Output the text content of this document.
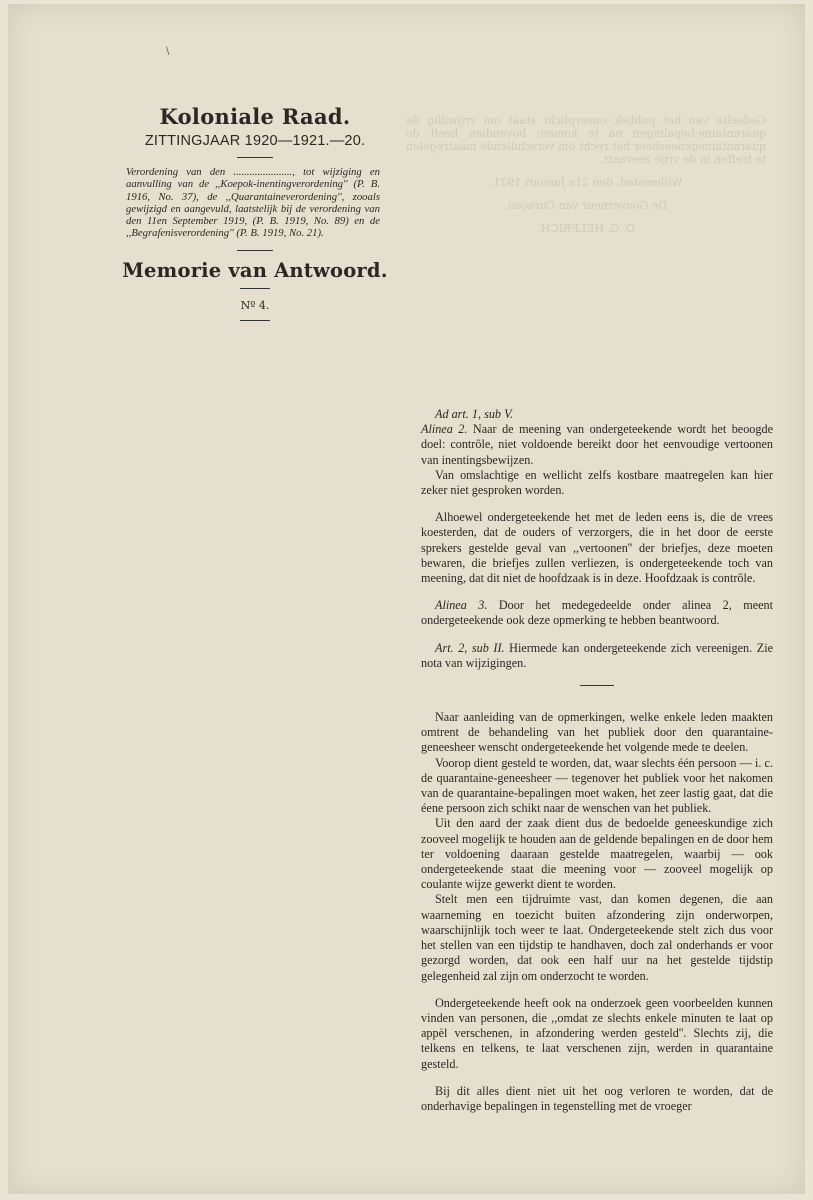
\
Gedeelte van het publiek onverplicht staat om vrijwillig de quarantaine-bepalingen na te komen; bovendien heeft de quarantainegeneesheer het recht om verschillende maatregelen te treffen in de vrije zeevaart.
Willemstad, den 21e Januari 1921.
De Gouverneur van Curaçao,
O. G. HELFRICH.
Koloniale Raad.
ZITTINGJAAR 1920—1921.—20.
Verordening van den ......................, tot wijziging en aanvulling van de ,,Koepok-inentingverordening'' (P. B. 1916, No. 37), de ,,Quarantaineverordening'', zooals gewijzigd en aangevuld, laatstelijk bij de verordening van den 11en September 1919, (P. B. 1919, No. 89) en de ,,Begrafenisverordening'' (P. B. 1919, No. 21).
Memorie van Antwoord.
Nº 4.

Ad art. 1, sub V.
Alinea 2. Naar de meening van ondergeteekende wordt het beoogde doel: contrôle, niet voldoende bereikt door het eenvoudige vertoonen van inentingsbewijzen.

Van omslachtige en wellicht zelfs kostbare maatregelen kan hier zeker niet gesproken worden.

Alhoewel ondergeteekende het met de leden eens is, die de vrees koesterden, dat de ouders of verzorgers, die in het door de eerste sprekers gestelde geval van ,,vertoonen'' der briefjes, deze moeten bewaren, die briefjes zullen verliezen, is ondergeteekende toch van meening, dat dit niet de hoofdzaak is in deze. Hoofdzaak is contrôle.

Alinea 3. Door het medegedeelde onder alinea 2, meent ondergeteekende ook deze opmerking te hebben beantwoord.

Art. 2, sub II. Hiermede kan ondergeteekende zich vereenigen. Zie nota van wijzigingen.

Naar aanleiding van de opmerkingen, welke enkele leden maakten omtrent de behandeling van het publiek door den quarantaine-geneesheer wenscht ondergeteekende het volgende mede te deelen.

Voorop dient gesteld te worden, dat, waar slechts één persoon — i. c. de quarantaine-geneesheer — tegenover het publiek voor het nakomen van de quarantaine-bepalingen moet waken, het zeer lastig gaat, dat die éene persoon zich schikt naar de wenschen van het publiek.

Uit den aard der zaak dient dus de bedoelde geneeskundige zich zooveel mogelijk te houden aan de geldende bepalingen en de door hem ter voldoening daaraan gestelde maatregelen, waarbij — ook ondergeteekende staat die meening voor — zooveel mogelijk op coulante wijze gewerkt dient te worden.

Stelt men een tijdruimte vast, dan komen degenen, die aan waarneming en toezicht buiten afzondering zijn onderworpen, waarschijnlijk toch weer te laat. Ondergeteekende stelt zich dus voor het stellen van een tijdstip te handhaven, doch zal onderhands er voor gezorgd worden, dat ook een half uur na het gestelde tijdstip gelegenheid zal zijn om onderzocht te worden.

Ondergeteekende heeft ook na onderzoek geen voorbeelden kunnen vinden van personen, die ,,omdat ze slechts enkele minuten te laat op appèl verschenen, in afzondering werden gesteld''. Slechts zij, die telkens en telkens, te laat verschenen zijn, werden in quarantaine gesteld.

Bij dit alles dient niet uit het oog verloren te worden, dat de onderhavige bepalingen in tegenstelling met de vroeger
